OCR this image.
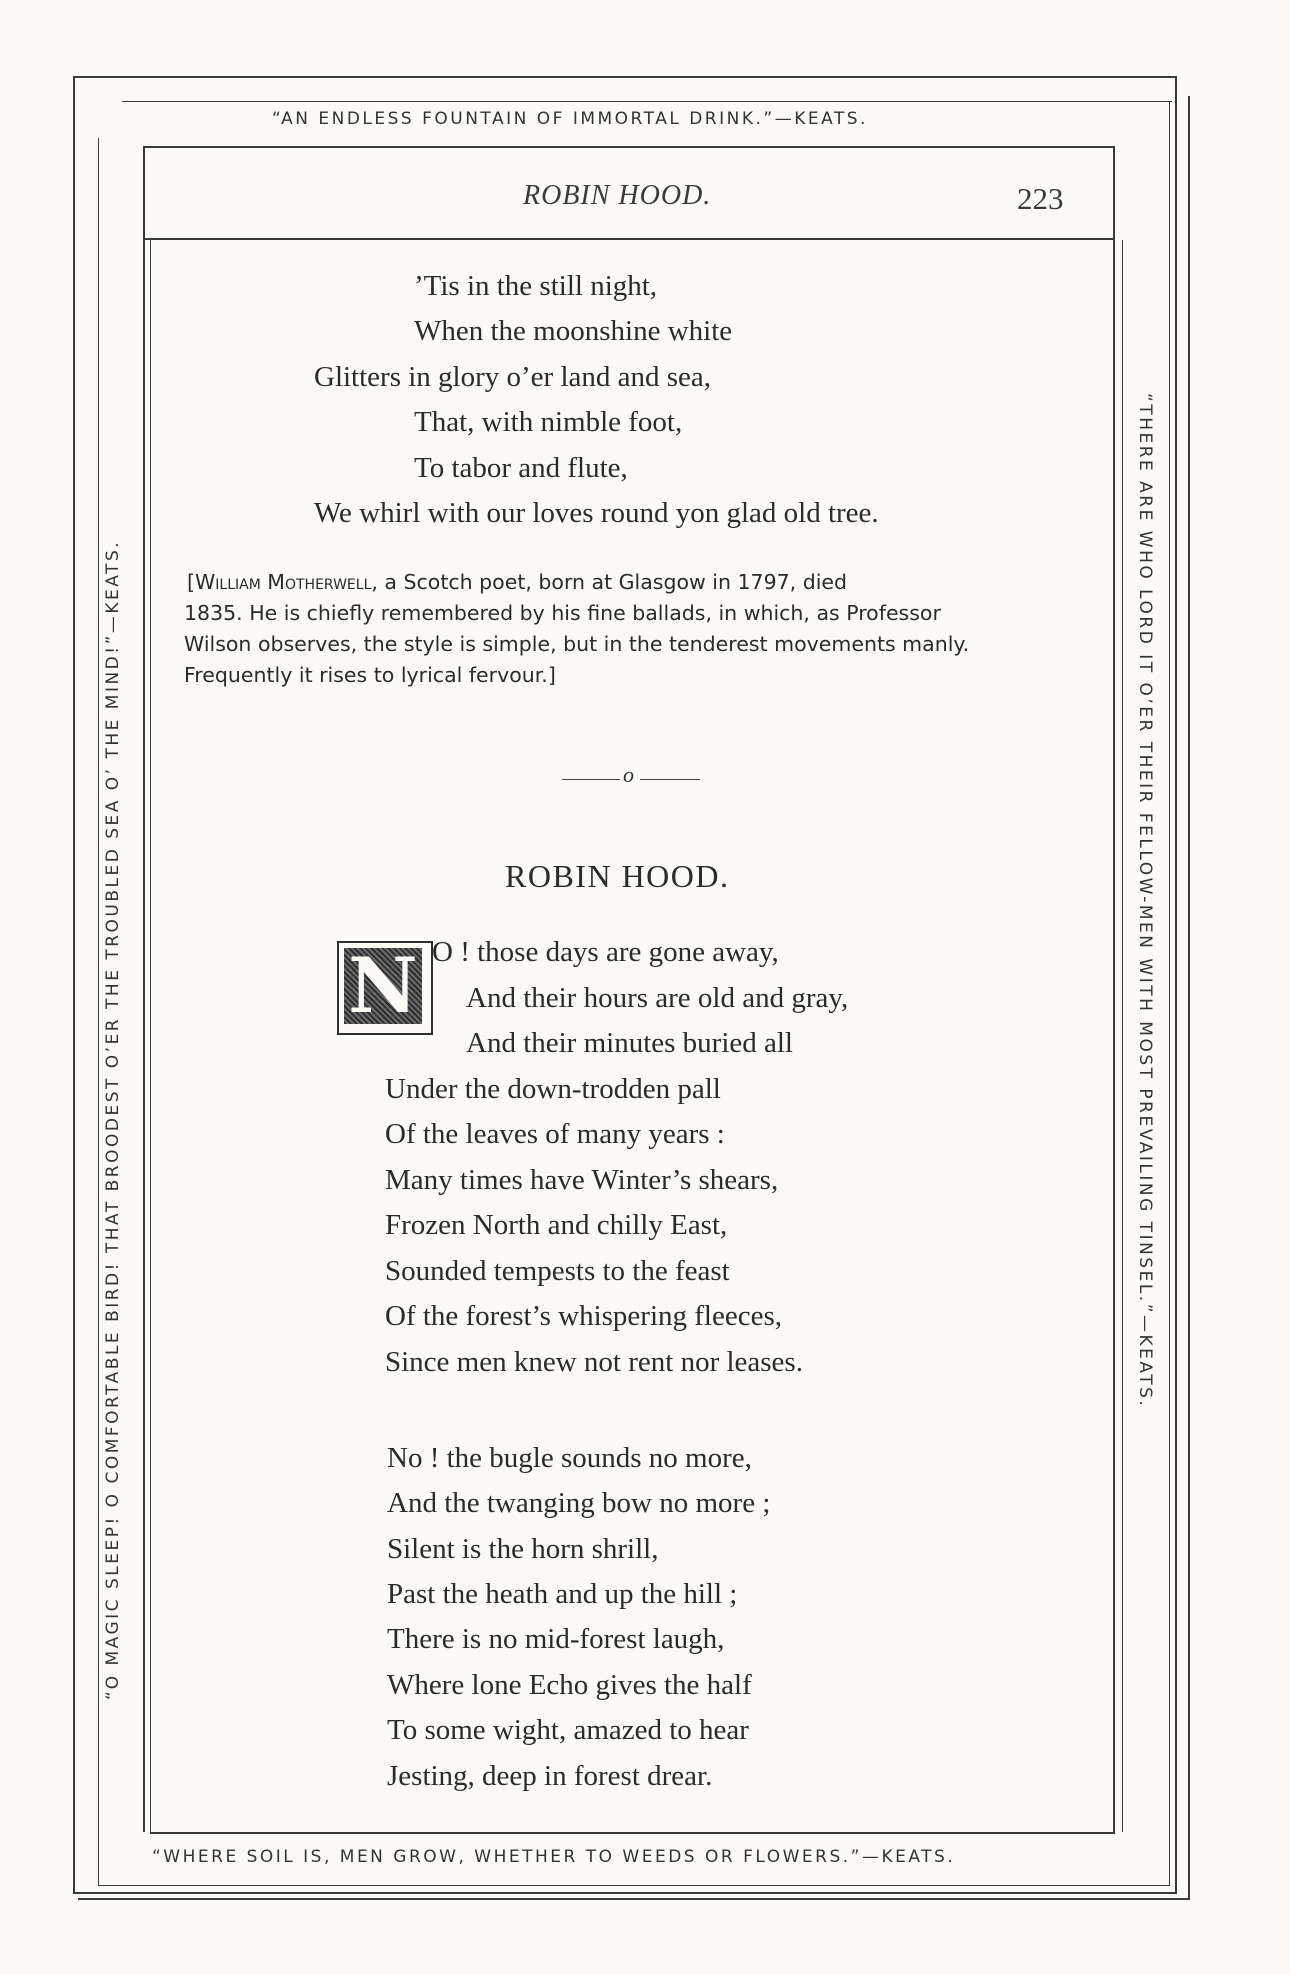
“AN ENDLESS FOUNTAIN OF IMMORTAL DRINK.”—KEATS.
“O MAGIC SLEEP! O COMFORTABLE BIRD! THAT BROODEST O’ER THE TROUBLED SEA O’ THE MIND!”—KEATS.	“THERE ARE WHO LORD IT O’ER THEIR FELLOW-MEN WITH MOST PREVAILING TINSEL.”—KEATS.
“WHERE SOIL IS, MEN GROW, WHETHER TO WEEDS OR FLOWERS.”—KEATS.
ROBIN HOOD.	223
’Tis in the still night,
When the moonshine white
Glitters in glory o’er land and sea,
That, with nimble foot,
To tabor and flute,
We whirl with our loves round yon glad old tree.
[William Motherwell, a Scotch poet, born at Glasgow in 1797, died
1835. He is chiefly remembered by his fine ballads, in which, as Professor
Wilson observes, the style is simple, but in the tenderest movements manly.
Frequently it rises to lyrical fervour.]
o
ROBIN HOOD.
N O ! those days are gone away,
And their hours are old and gray,
And their minutes buried all
Under the down-trodden pall
Of the leaves of many years :
Many times have Winter’s shears,
Frozen North and chilly East,
Sounded tempests to the feast
Of the forest’s whispering fleeces,
Since men knew not rent nor leases.
No ! the bugle sounds no more,
And the twanging bow no more ;
Silent is the horn shrill,
Past the heath and up the hill ;
There is no mid-forest laugh,
Where lone Echo gives the half
To some wight, amazed to hear
Jesting, deep in forest drear.
